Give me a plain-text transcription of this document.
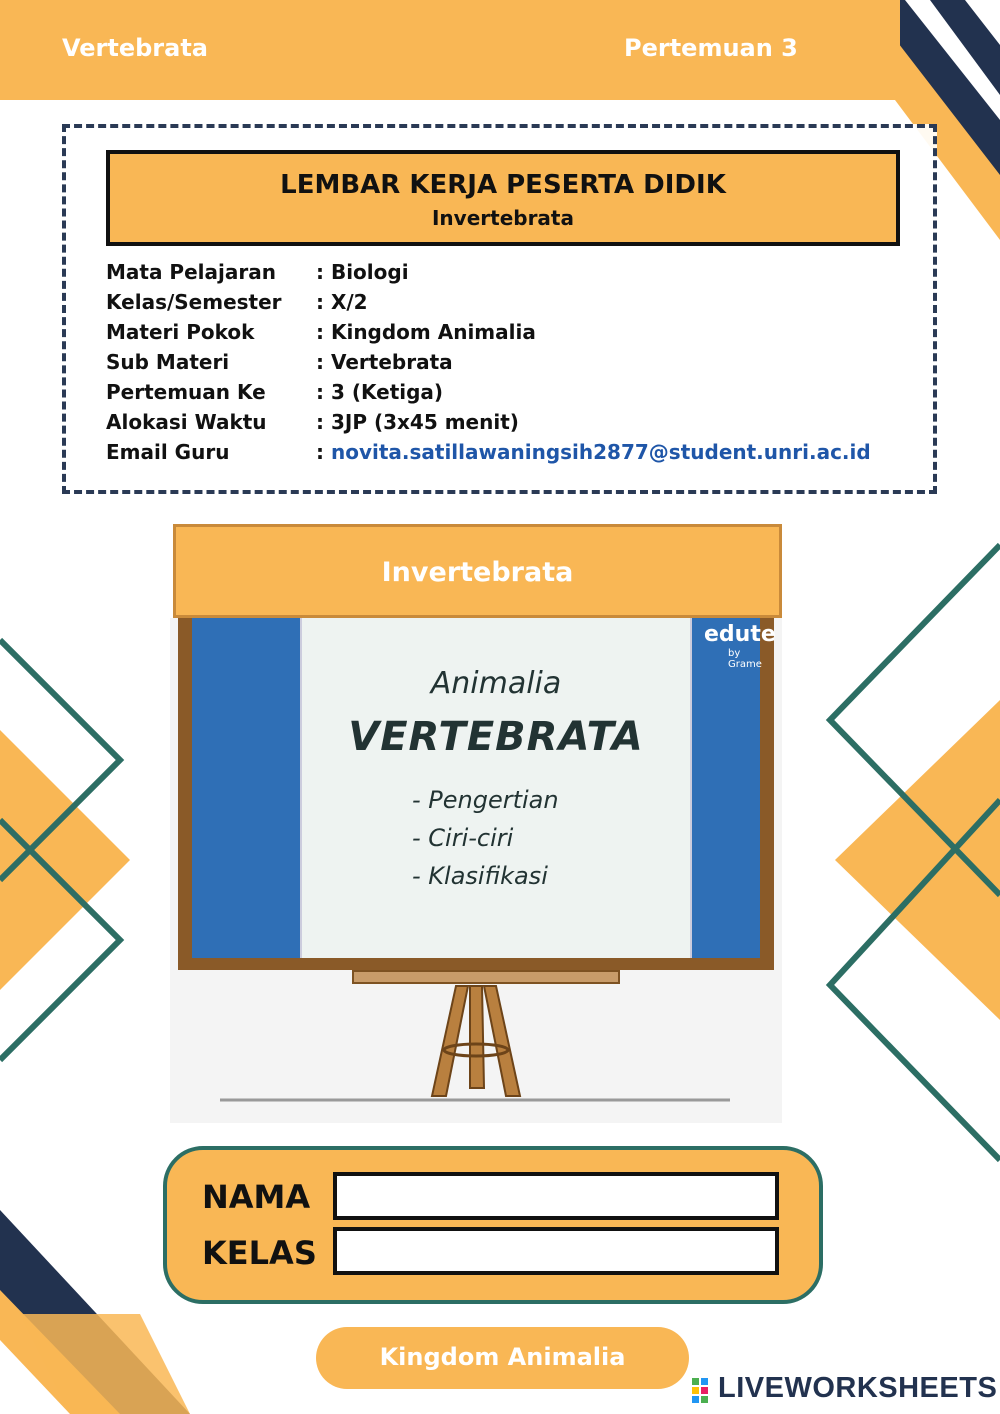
Vertebrata	Pertemuan 3
LEMBAR KERJA PESERTA DIDIK
Invertebrata
Mata Pelajaran : Biologi
Kelas/Semester : X/2
Materi Pokok	: Kingdom Animalia
Sub Materi	: Vertebrata
Pertemuan Ke	: 3 (Ketiga)
Alokasi Waktu : 3JP (3x45 menit)
Email Guru	: novita.satillawaningsih2877@student.unri.ac.id
Invertebrata
Animalia
VERTEBRATA
- Pengertian
- Ciri-ciri
- Klasifikasi
edute
by Grame
NAMA
KELAS
Kingdom Animalia
LIVEWORKSHEETS
